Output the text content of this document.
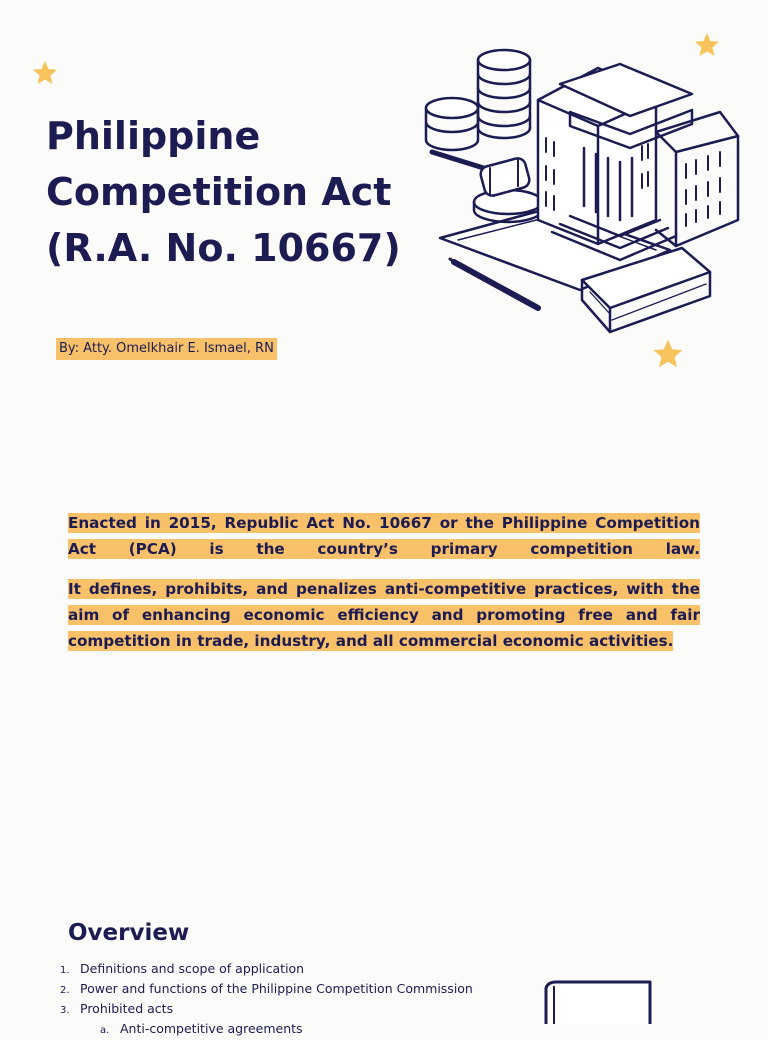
Philippine
Competition Act
(R.A. No. 10667)
By: Atty. Omelkhair E. Ismael, RN

Enacted in 2015, Republic Act No. 10667 or the Philippine Competition Act (PCA) is the country’s primary competition law.

It defines, prohibits, and penalizes anti-competitive practices, with the aim of enhancing economic efficiency and promoting free and fair competition in trade, industry, and all commercial economic activities.

Overview
1. Definitions and scope of application
2. Power and functions of the Philippine Competition Commission
3. Prohibited acts
a. Anti-competitive agreements
